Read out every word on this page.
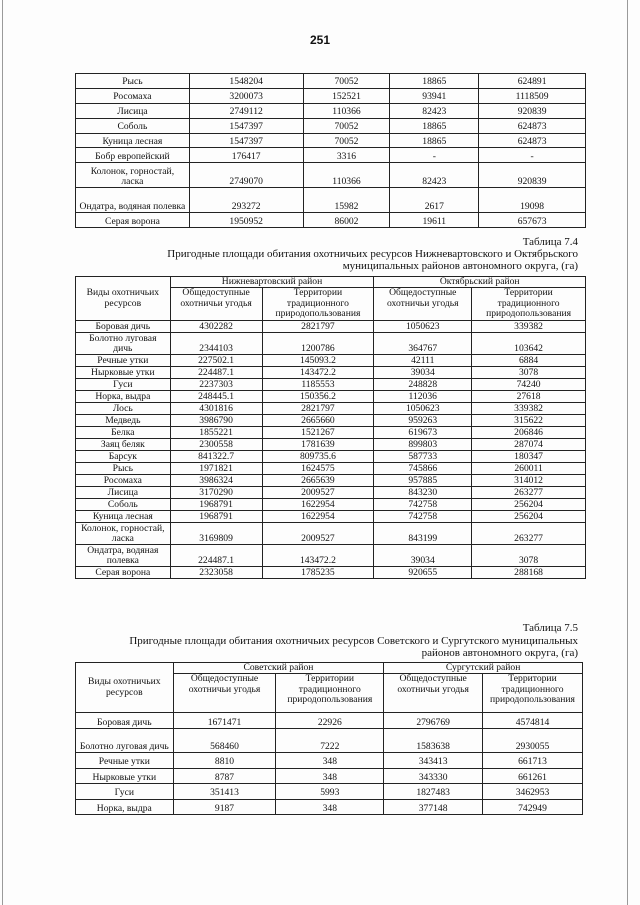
251
Рысь	1548204	70052	18865	624891
Росомаха	3200073	152521	93941	1118509
Лисица	2749112	110366	82423	920839
Соболь	1547397	70052	18865	624873
Куница лесная	1547397	70052	18865	624873
Бобр европейский	176417	3316	-	-
Колонок, горностай, ласка	2749070	110366	82423	920839
Ондатра, водяная полевка	293272	15982	2617	19098
Серая ворона	1950952	86002	19611	657673
Таблица 7.4
Пригодные площади обитания охотничьих ресурсов Нижневартовского и Октябрьского
муниципальных районов автономного округа, (га)
Виды охотничьих ресурсов	Нижневартовский район		Октябрьский район	
	Общедоступные охотничьи угодья	Территории традиционного природопользования	Общедоступные охотничьи угодья	Территории традиционного природопользования
Боровая дичь	4302282	2821797	1050623	339382
Болотно луговая дичь	2344103	1200786	364767	103642
Речные утки	227502.1	145093.2	42111	6884
Нырковые утки	224487.1	143472.2	39034	3078
Гуси	2237303	1185553	248828	74240
Норка, выдра	248445.1	150356.2	112036	27618
Лось	4301816	2821797	1050623	339382
Медведь	3986790	2665660	959263	315622
Белка	1855221	1521267	619673	206846
Заяц беляк	2300558	1781639	899803	287074
Барсук	841322.7	809735.6	587733	180347
Рысь	1971821	1624575	745866	260011
Росомаха	3986324	2665639	957885	314012
Лисица	3170290	2009527	843230	263277
Соболь	1968791	1622954	742758	256204
Куница лесная	1968791	1622954	742758	256204
Колонок, горностай, ласка	3169809	2009527	843199	263277
Ондатра, водяная полевка	224487.1	143472.2	39034	3078
Серая ворона	2323058	1785235	920655	288168
Таблица 7.5
Пригодные площади обитания охотничьих ресурсов Советского и Сургутского муниципальных
районов автономного округа, (га)
Виды охотничьих ресурсов	Советский район		Сургутский район	
	Общедоступные охотничьи угодья	Территории традиционного природопользования	Общедоступные охотничьи угодья	Территории традиционного природопользования
Боровая дичь	1671471	22926	2796769	4574814
Болотно луговая дичь	568460	7222	1583638	2930055
Речные утки	8810	348	343413	661713
Нырковые утки	8787	348	343330	661261
Гуси	351413	5993	1827483	3462953
Норка, выдра	9187	348	377148	742949
